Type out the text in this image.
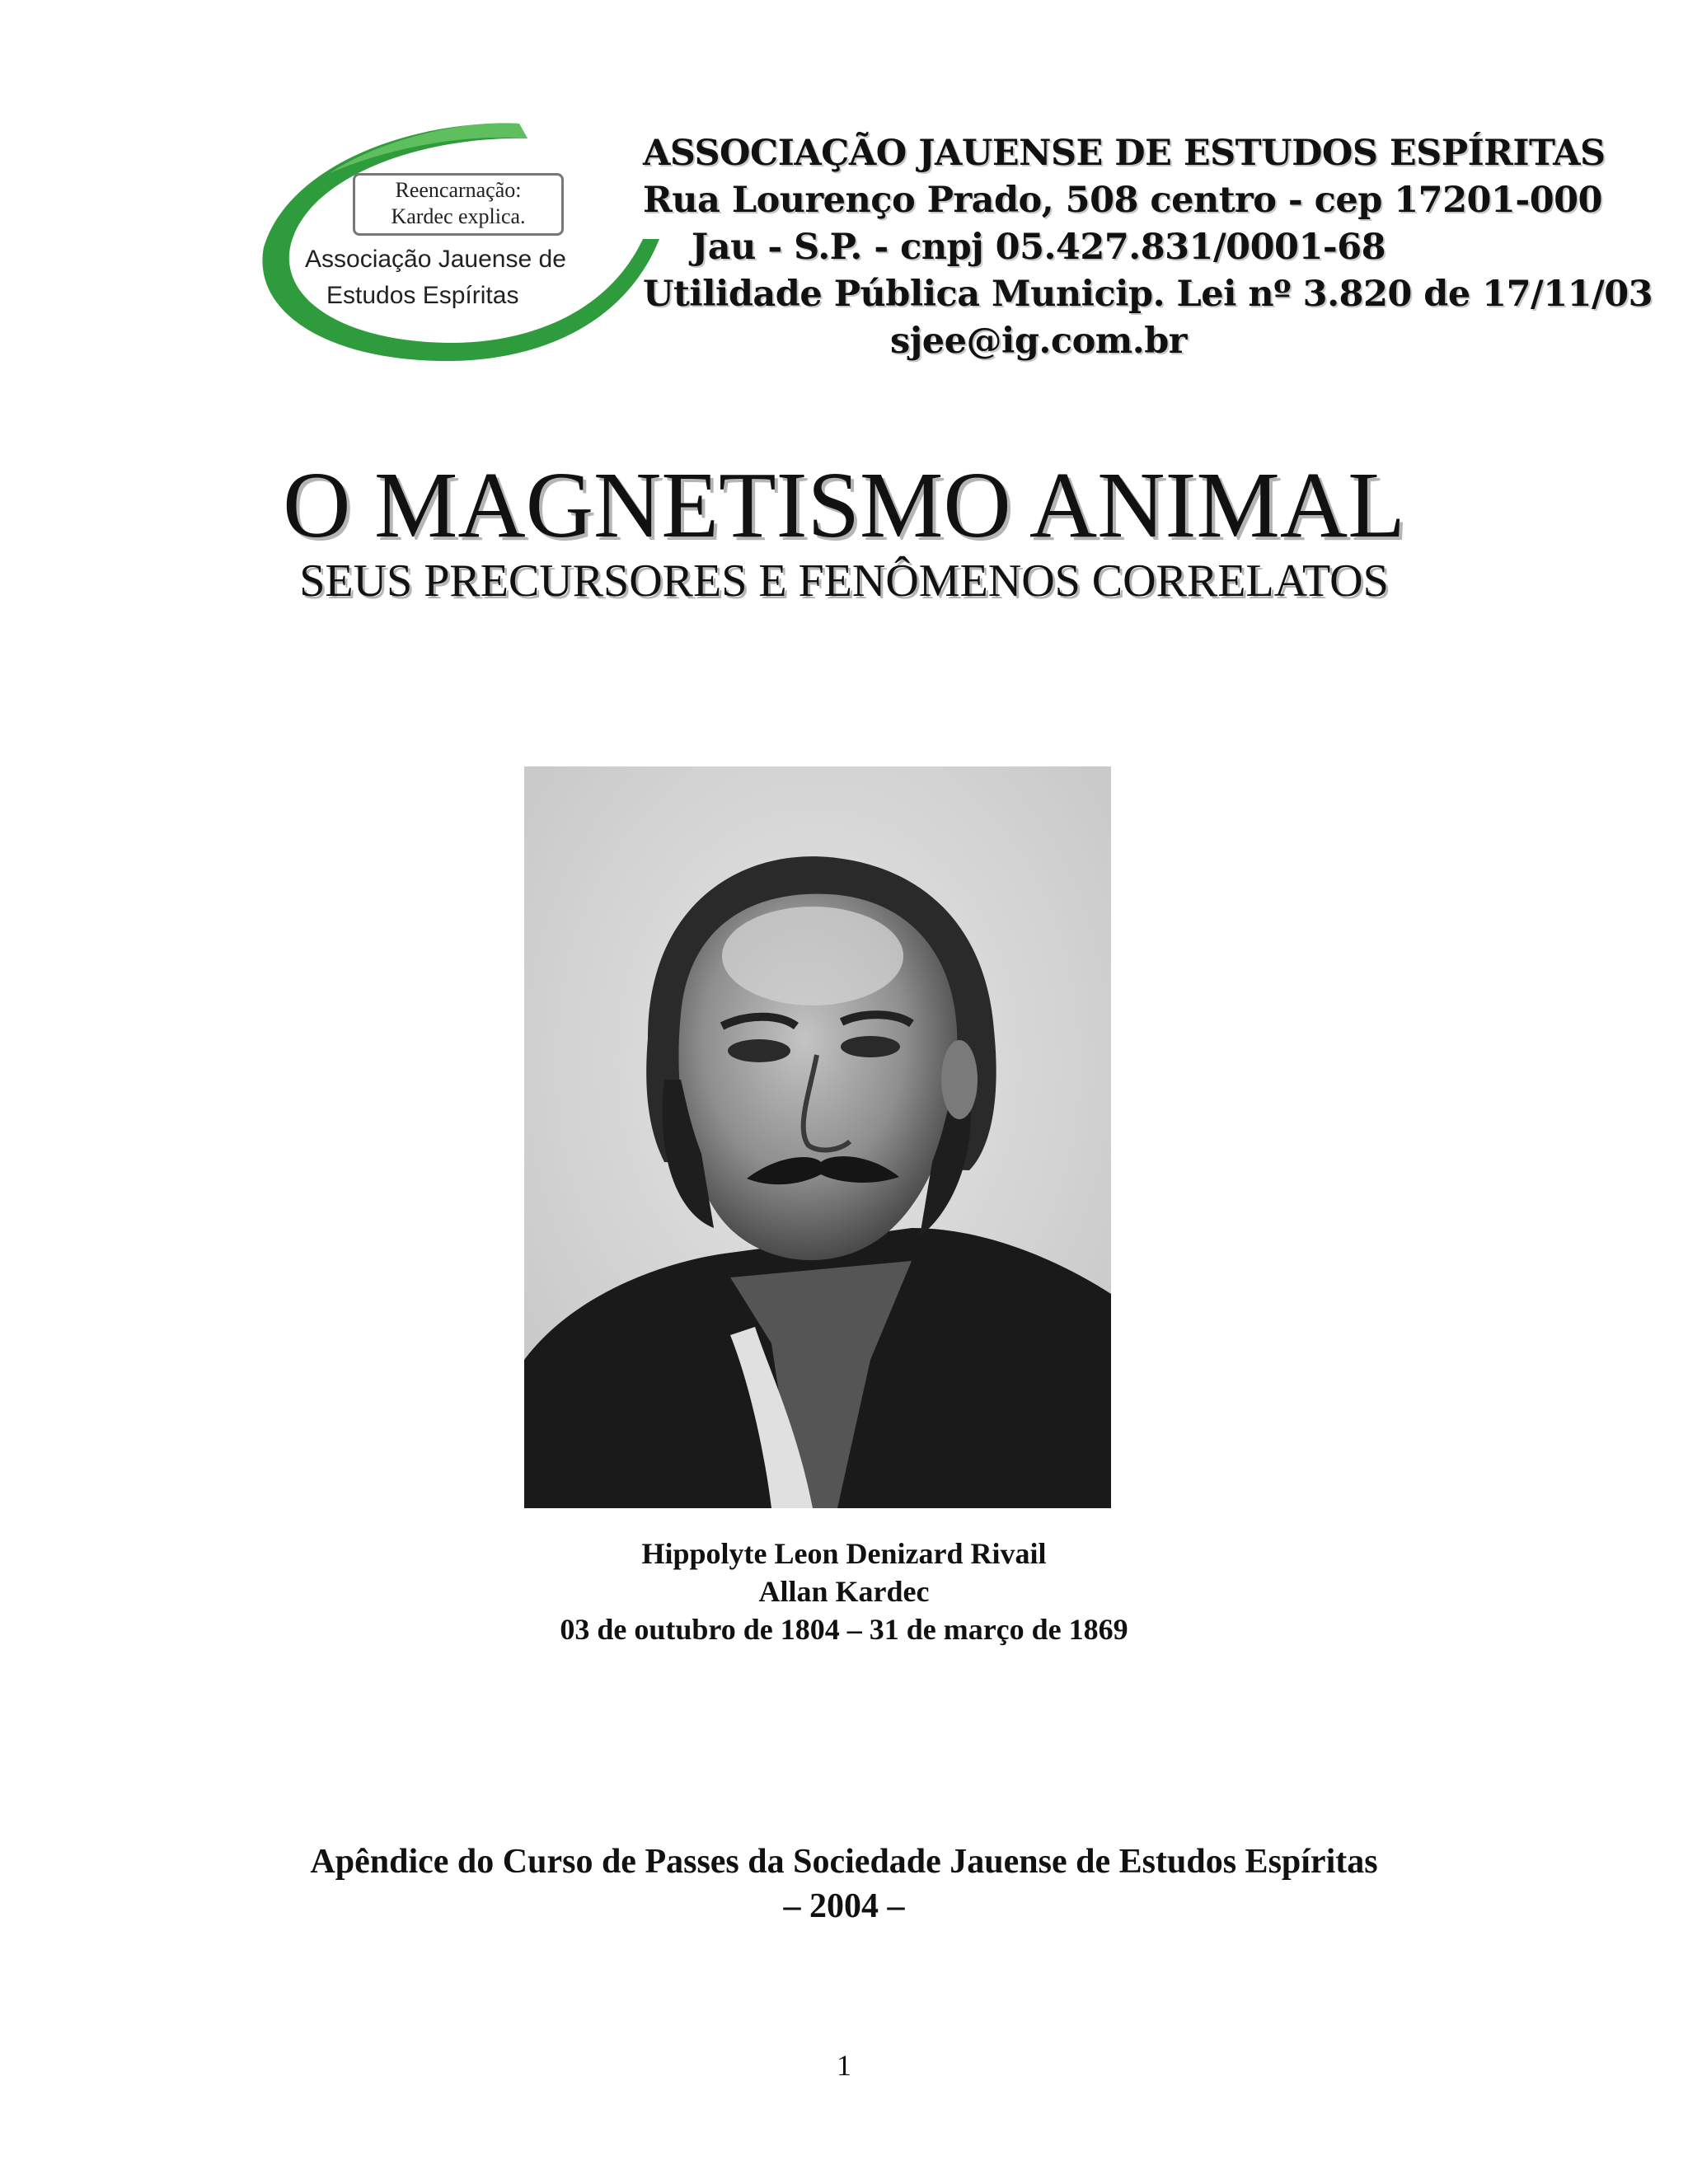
Reencarnação:
Kardec explica.
Associação Jauense de
Estudos Espíritas
ASSOCIAÇÃO JAUENSE DE ESTUDOS ESPÍRITAS
Rua Lourenço Prado, 508 centro - cep 17201-000
Jau - S.P. - cnpj 05.427.831/0001-68
Utilidade Pública Municip. Lei nº 3.820 de 17/11/03
sjee@ig.com.br
O MAGNETISMO ANIMAL
SEUS PRECURSORES E FENÔMENOS CORRELATOS
Hippolyte Leon Denizard Rivail
Allan Kardec
03 de outubro de 1804 – 31 de março de 1869
Apêndice do Curso de Passes da Sociedade Jauense de Estudos Espíritas
– 2004 –
1
